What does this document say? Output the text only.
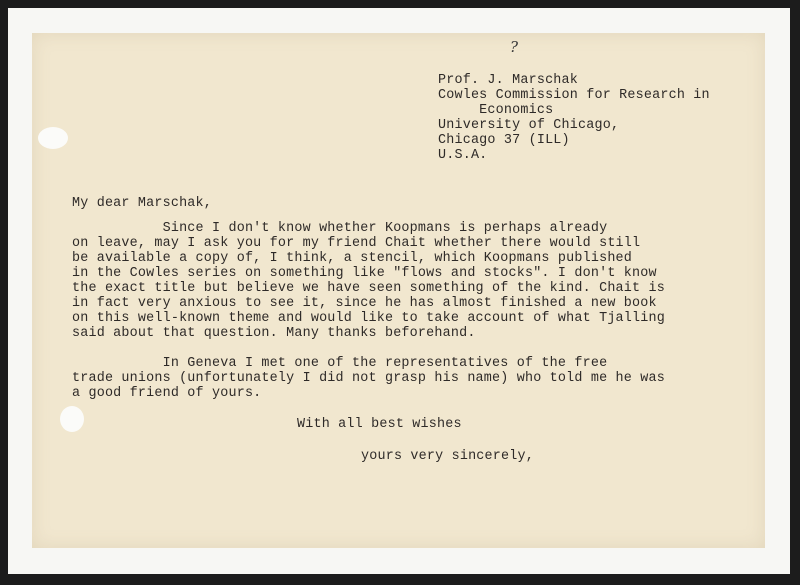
?
Prof. J. Marschak
Cowles Commission for Research in
Economics
University of Chicago,
Chicago 37 (ILL)
U.S.A.
My dear Marschak,
Since I don't know whether Koopmans is perhaps already
on leave, may I ask you for my friend Chait whether there would still
be available a copy of, I think, a stencil, which Koopmans published
in the Cowles series on something like "flows and stocks". I don't know
the exact title but believe we have seen something of the kind. Chait is
in fact very anxious to see it, since he has almost finished a new book
on this well-known theme and would like to take account of what Tjalling
said about that question. Many thanks beforehand.
In Geneva I met one of the representatives of the free
trade unions (unfortunately I did not grasp his name) who told me he was
a good friend of yours.
With all best wishes
yours very sincerely,
